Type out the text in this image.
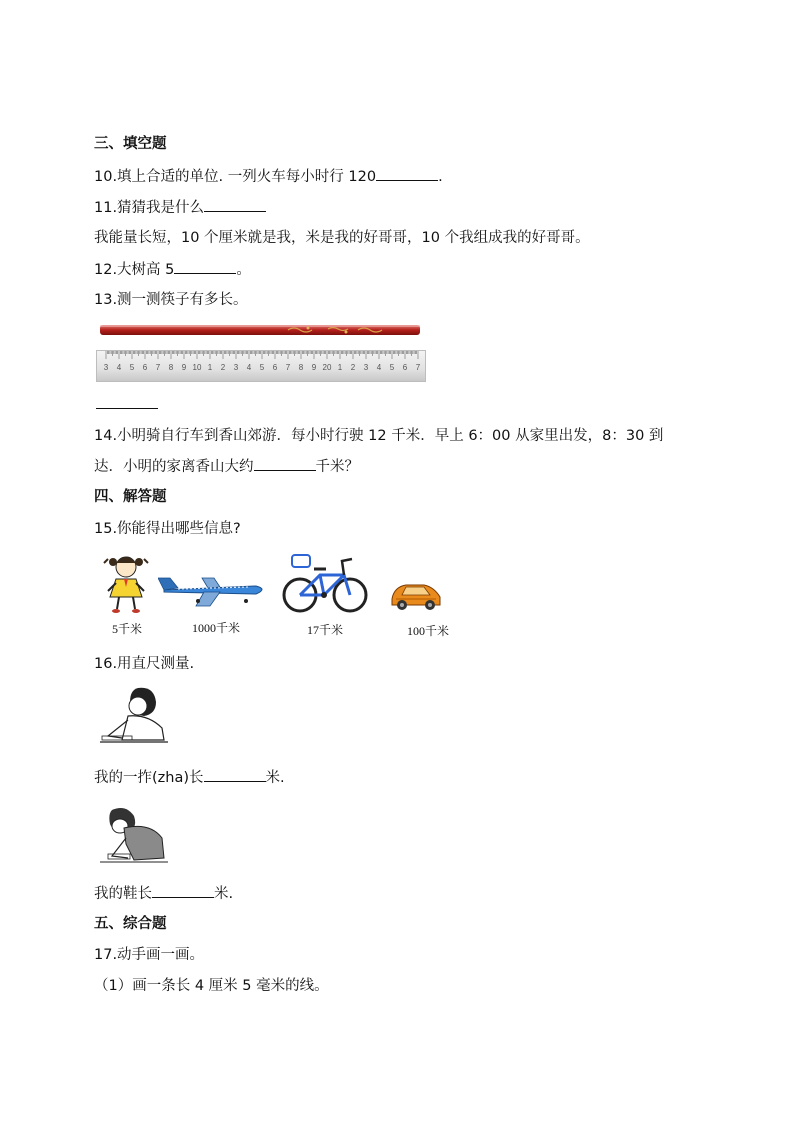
三、填空题
10.填上合适的单位. 一列火车每小时行 120	.
11.猜猜我是什么
我能量长短，10 个厘米就是我，米是我的好哥哥，10 个我组成我的好哥哥。
12.大树高 5	。
13.测一测筷子有多长。
3 4 5 6 7 8 9 10 1 2 3 4 5 6 7 8 9 20 1 2 3 4 5 6 7
14.小明骑自行车到香山郊游．每小时行驶 12 千米．早上 6：00 从家里出发，8：30 到
达．小明的家离香山大约	千米？
四、解答题
15.你能得出哪些信息?
5千米	1000千米	17千米	100千米
16.用直尺测量.
我的一拃(zha)长	米.
我的鞋长	米.
五、综合题
17.动手画一画。
（1）画一条长 4 厘米 5 毫米的线。
